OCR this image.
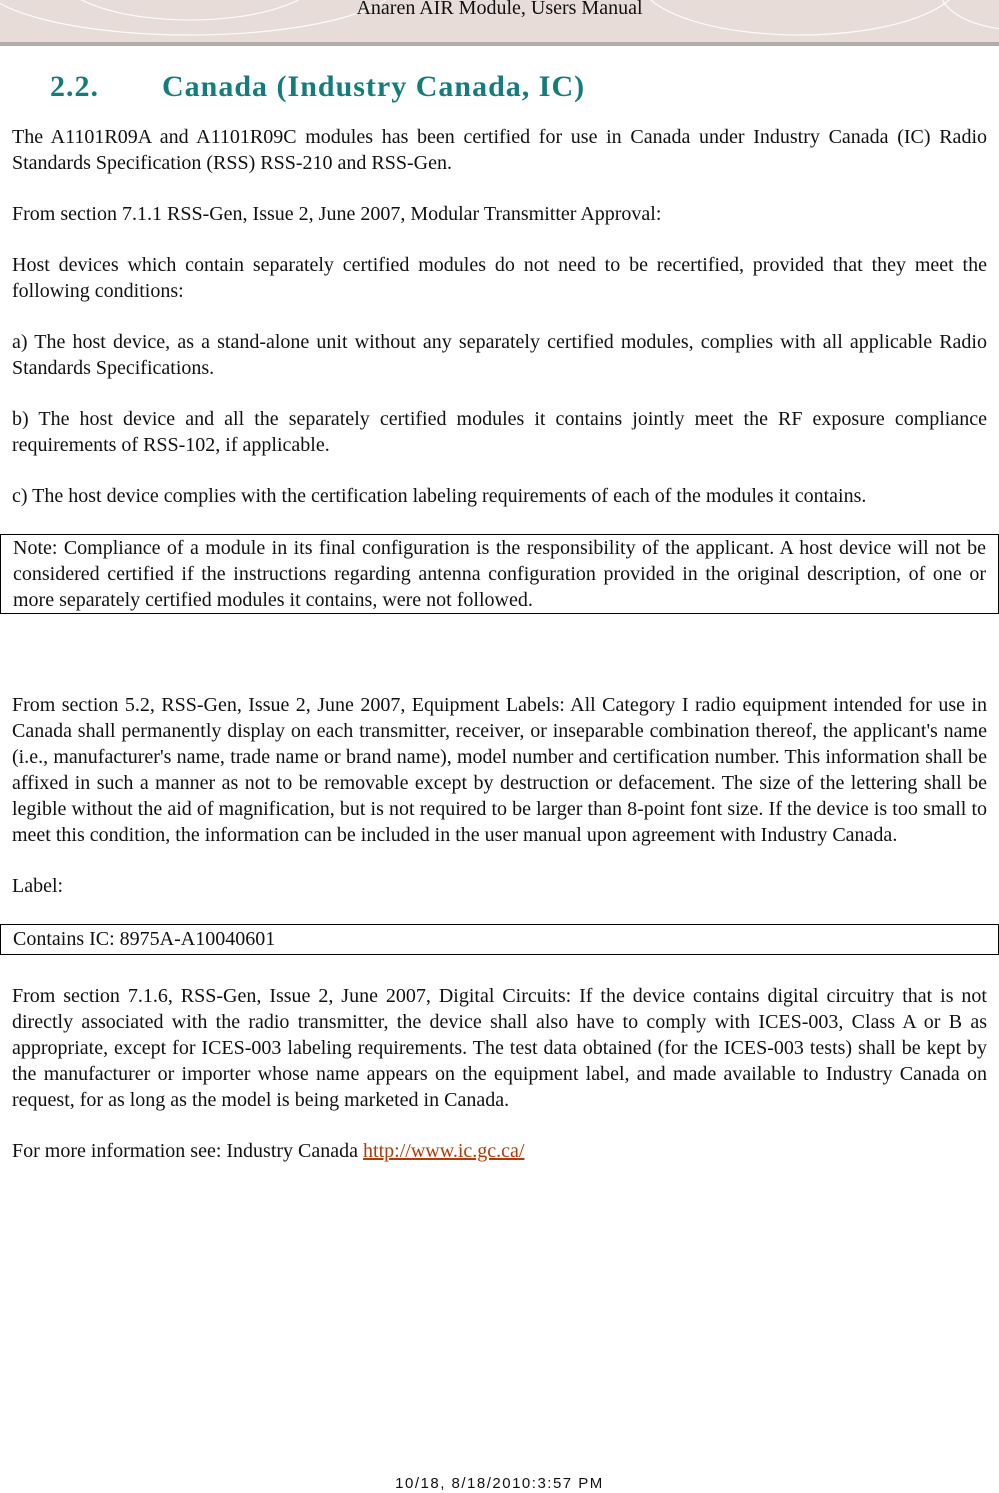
Anaren AIR Module, Users Manual
2.2. Canada (Industry Canada, IC)

The A1101R09A and A1101R09C modules has been certified for use in Canada under Industry Canada (IC) Radio Standards Specification (RSS) RSS-210 and RSS-Gen.

From section 7.1.1 RSS-Gen, Issue 2, June 2007, Modular Transmitter Approval:

Host devices which contain separately certified modules do not need to be recertified, provided that they meet the following conditions:

a) The host device, as a stand-alone unit without any separately certified modules, complies with all applicable Radio Standards Specifications.

b) The host device and all the separately certified modules it contains jointly meet the RF exposure compliance requirements of RSS-102, if applicable.

c) The host device complies with the certification labeling requirements of each of the modules it contains.

Note: Compliance of a module in its final configuration is the responsibility of the applicant. A host device will not be considered certified if the instructions regarding antenna configuration provided in the original description, of one or more separately certified modules it contains, were not followed.

From section 5.2, RSS-Gen, Issue 2, June 2007, Equipment Labels: All Category I radio equipment intended for use in Canada shall permanently display on each transmitter, receiver, or inseparable combination thereof, the applicant's name (i.e., manufacturer's name, trade name or brand name), model number and certification number. This information shall be affixed in such a manner as not to be removable except by destruction or defacement. The size of the lettering shall be legible without the aid of magnification, but is not required to be larger than 8-point font size. If the device is too small to meet this condition, the information can be included in the user manual upon agreement with Industry Canada.

Label:

Contains IC: 8975A-A10040601

From section 7.1.6, RSS-Gen, Issue 2, June 2007, Digital Circuits: If the device contains digital circuitry that is not directly associated with the radio transmitter, the device shall also have to comply with ICES-003, Class A or B as appropriate, except for ICES-003 labeling requirements. The test data obtained (for the ICES-003 tests) shall be kept by the manufacturer or importer whose name appears on the equipment label, and made available to Industry Canada on request, for as long as the model is being marketed in Canada.

For more information see: Industry Canada http://www.ic.gc.ca/

10/18, 8/18/2010:3:57 PM
